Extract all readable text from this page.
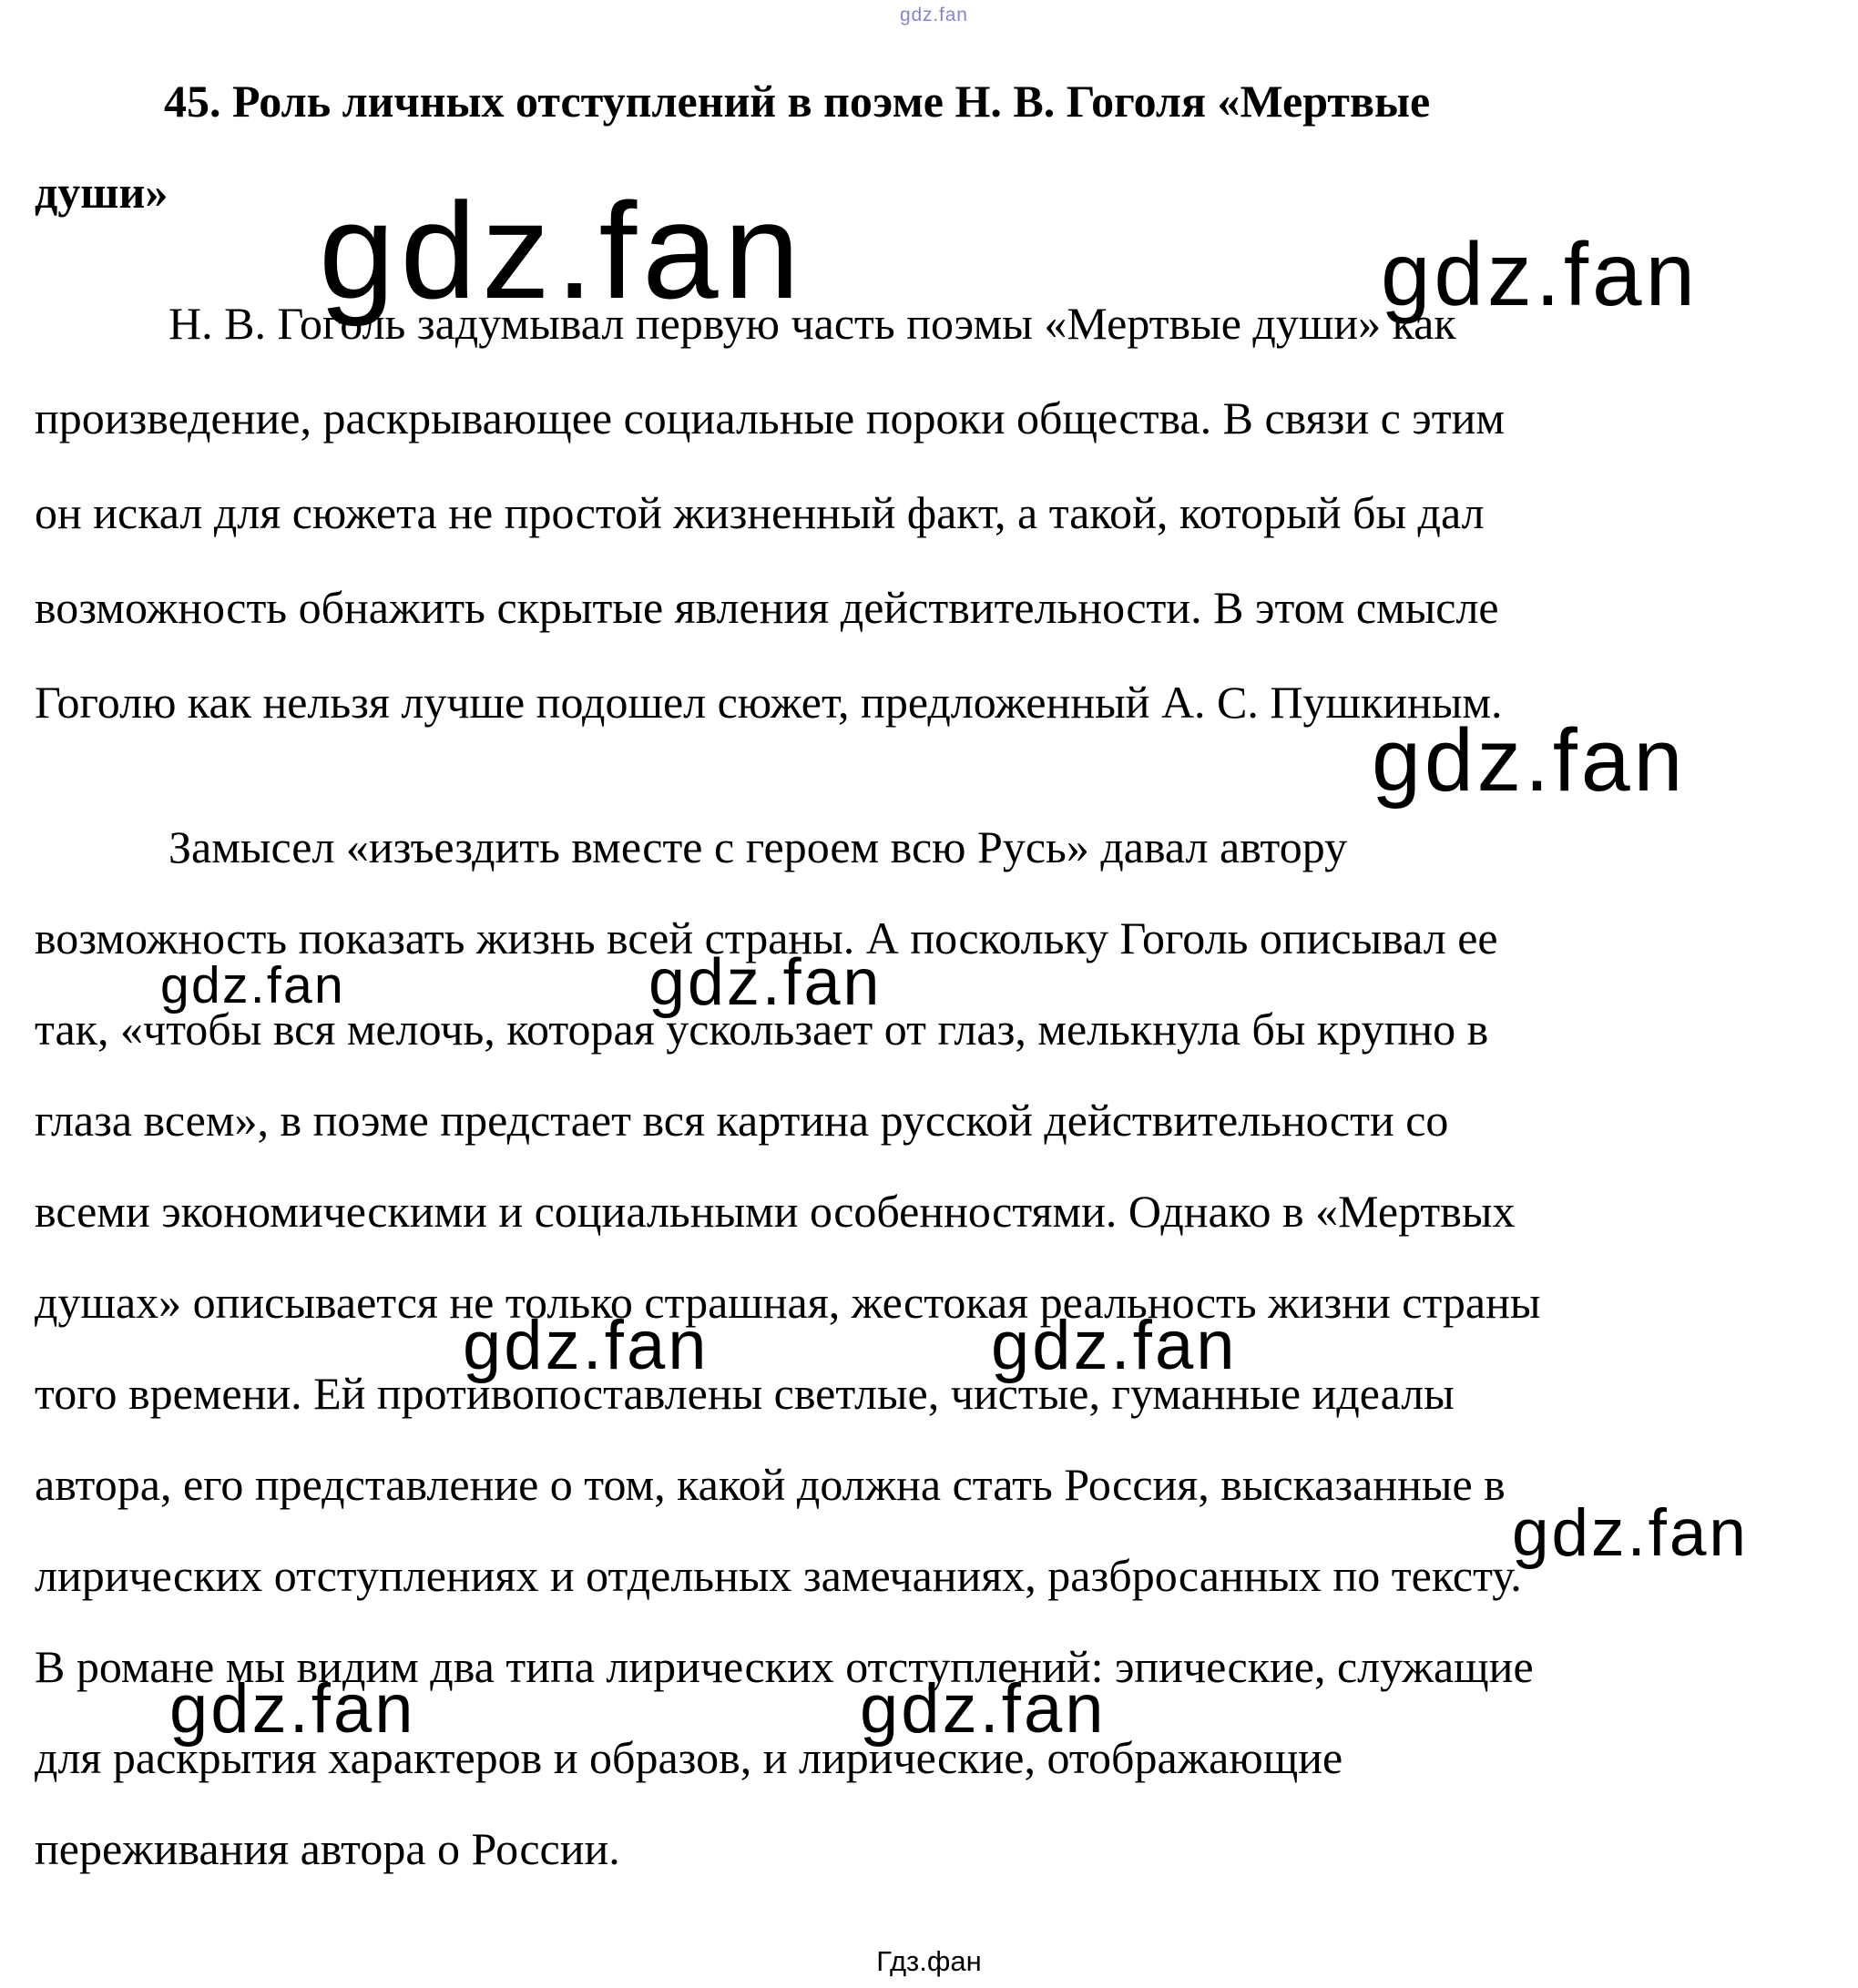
gdz.fan
gdz.fan	gdz.fan
gdz.fan
gdz.fan	gdz.fan
gdz.fan	gdz.fan
gdz.fan
gdz.fan	gdz.fan
45. Роль личных отступлений в поэме Н. В. Гоголя «Мертвые
души»
Н. В. Гоголь задумывал первую часть поэмы «Мертвые души» как
произведение, раскрывающее социальные пороки общества. В связи с этим
он искал для сюжета не простой жизненный факт, а такой, который бы дал
возможность обнажить скрытые явления действительности. В этом смысле
Гоголю как нельзя лучше подошел сюжет, предложенный А. С. Пушкиным.
Замысел «изъездить вместе с героем всю Русь» давал автору
возможность показать жизнь всей страны. А поскольку Гоголь описывал ее
так, «чтобы вся мелочь, которая ускользает от глаз, мелькнула бы крупно в
глаза всем», в поэме предстает вся картина русской действительности со
всеми экономическими и социальными особенностями. Однако в «Мертвых
душах» описывается не только страшная, жестокая реальность жизни страны
того времени. Ей противопоставлены светлые, чистые, гуманные идеалы
автора, его представление о том, какой должна стать Россия, высказанные в
лирических отступлениях и отдельных замечаниях, разбросанных по тексту.
В романе мы видим два типа лирических отступлений: эпические, служащие
для раскрытия характеров и образов, и лирические, отображающие
переживания автора о России.
Гдз.фан
